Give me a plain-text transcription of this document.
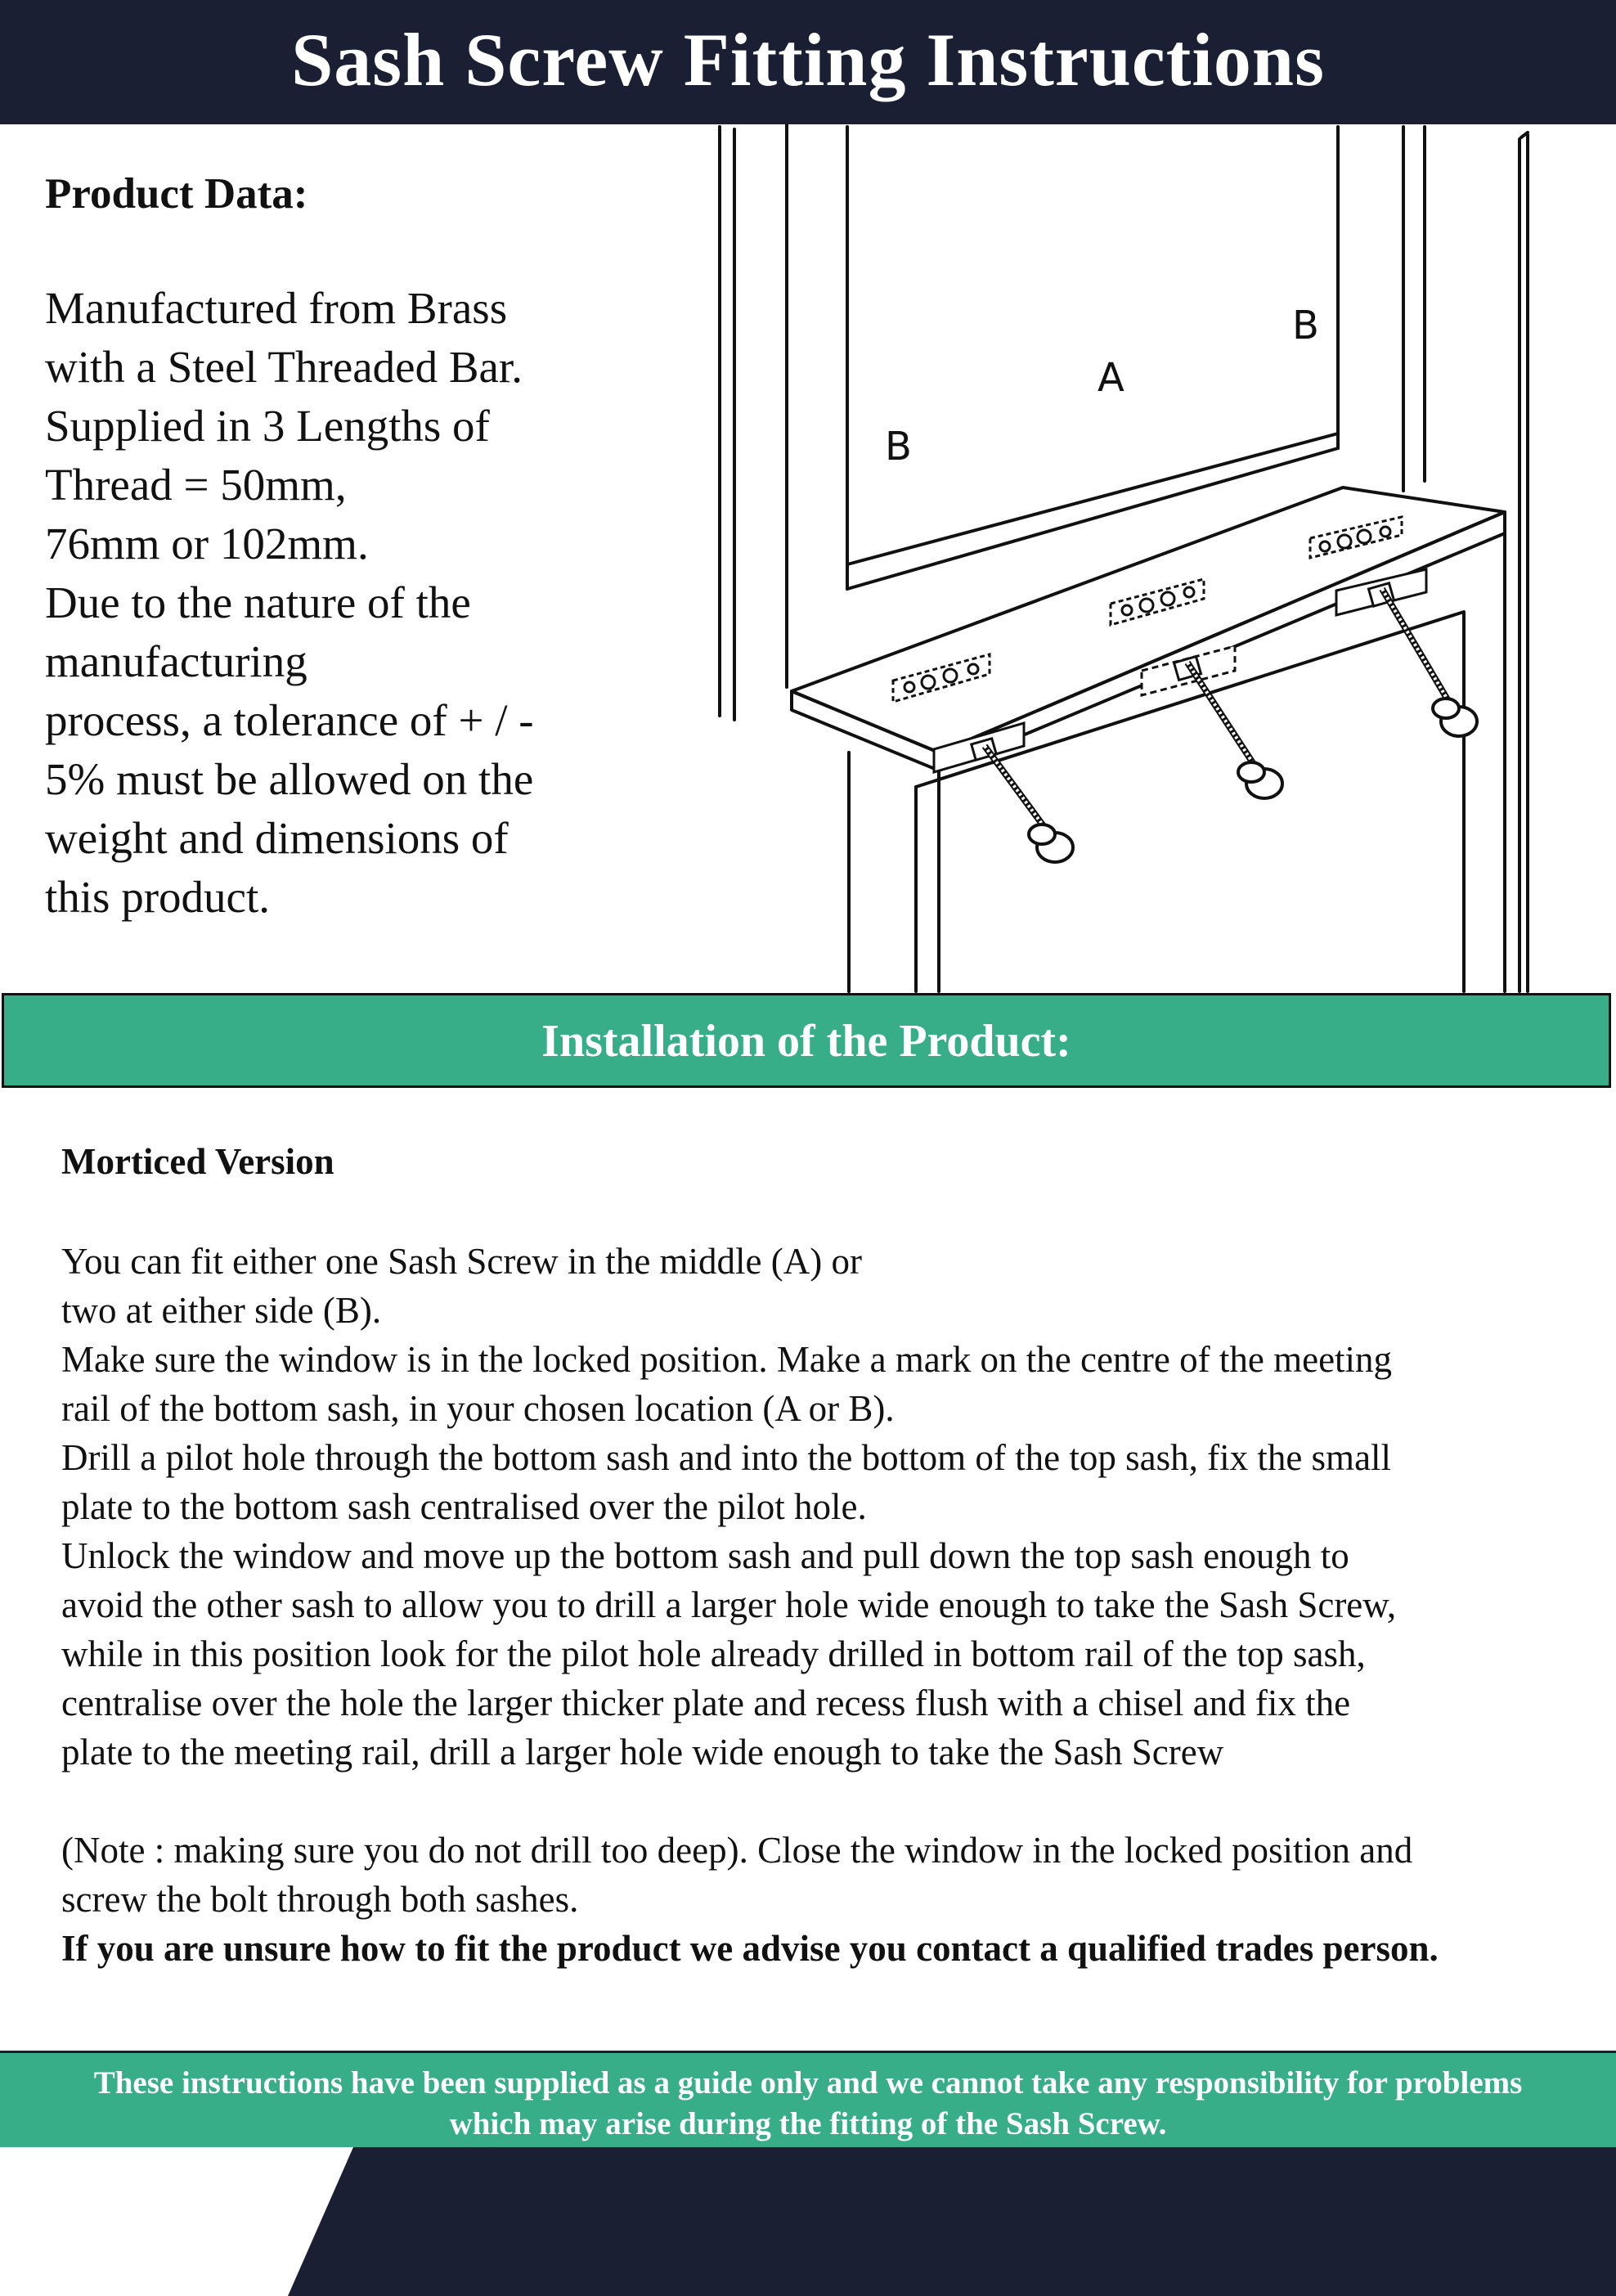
Sash Screw Fitting Instructions
Product Data:

Manufactured from Brass
with a Steel Threaded Bar.
Supplied in 3 Lengths of
Thread = 50mm,
76mm or 102mm.
Due to the nature of the
manufacturing
process, a tolerance of + / -
5% must be allowed on the
weight and dimensions of
this product.

B
A
B
Installation of the Product:
Morticed Version

You can fit either one Sash Screw in the middle (A) or
two at either side (B).
Make sure the window is in the locked position. Make a mark on the centre of the meeting
rail of the bottom sash, in your chosen location (A or B).
Drill a pilot hole through the bottom sash and into the bottom of the top sash, fix the small
plate to the bottom sash centralised over the pilot hole.
Unlock the window and move up the bottom sash and pull down the top sash enough to
avoid the other sash to allow you to drill a larger hole wide enough to take the Sash Screw,
while in this position look for the pilot hole already drilled in bottom rail of the top sash,
centralise over the hole the larger thicker plate and recess flush with a chisel and fix the
plate to the meeting rail, drill a larger hole wide enough to take the Sash Screw

(Note : making sure you do not drill too deep). Close the window in the locked position and
screw the bolt through both sashes.

If you are unsure how to fit the product we advise you contact a qualified trades person.

These instructions have been supplied as a guide only and we cannot take any responsibility for problems
which may arise during the fitting of the Sash Screw.
